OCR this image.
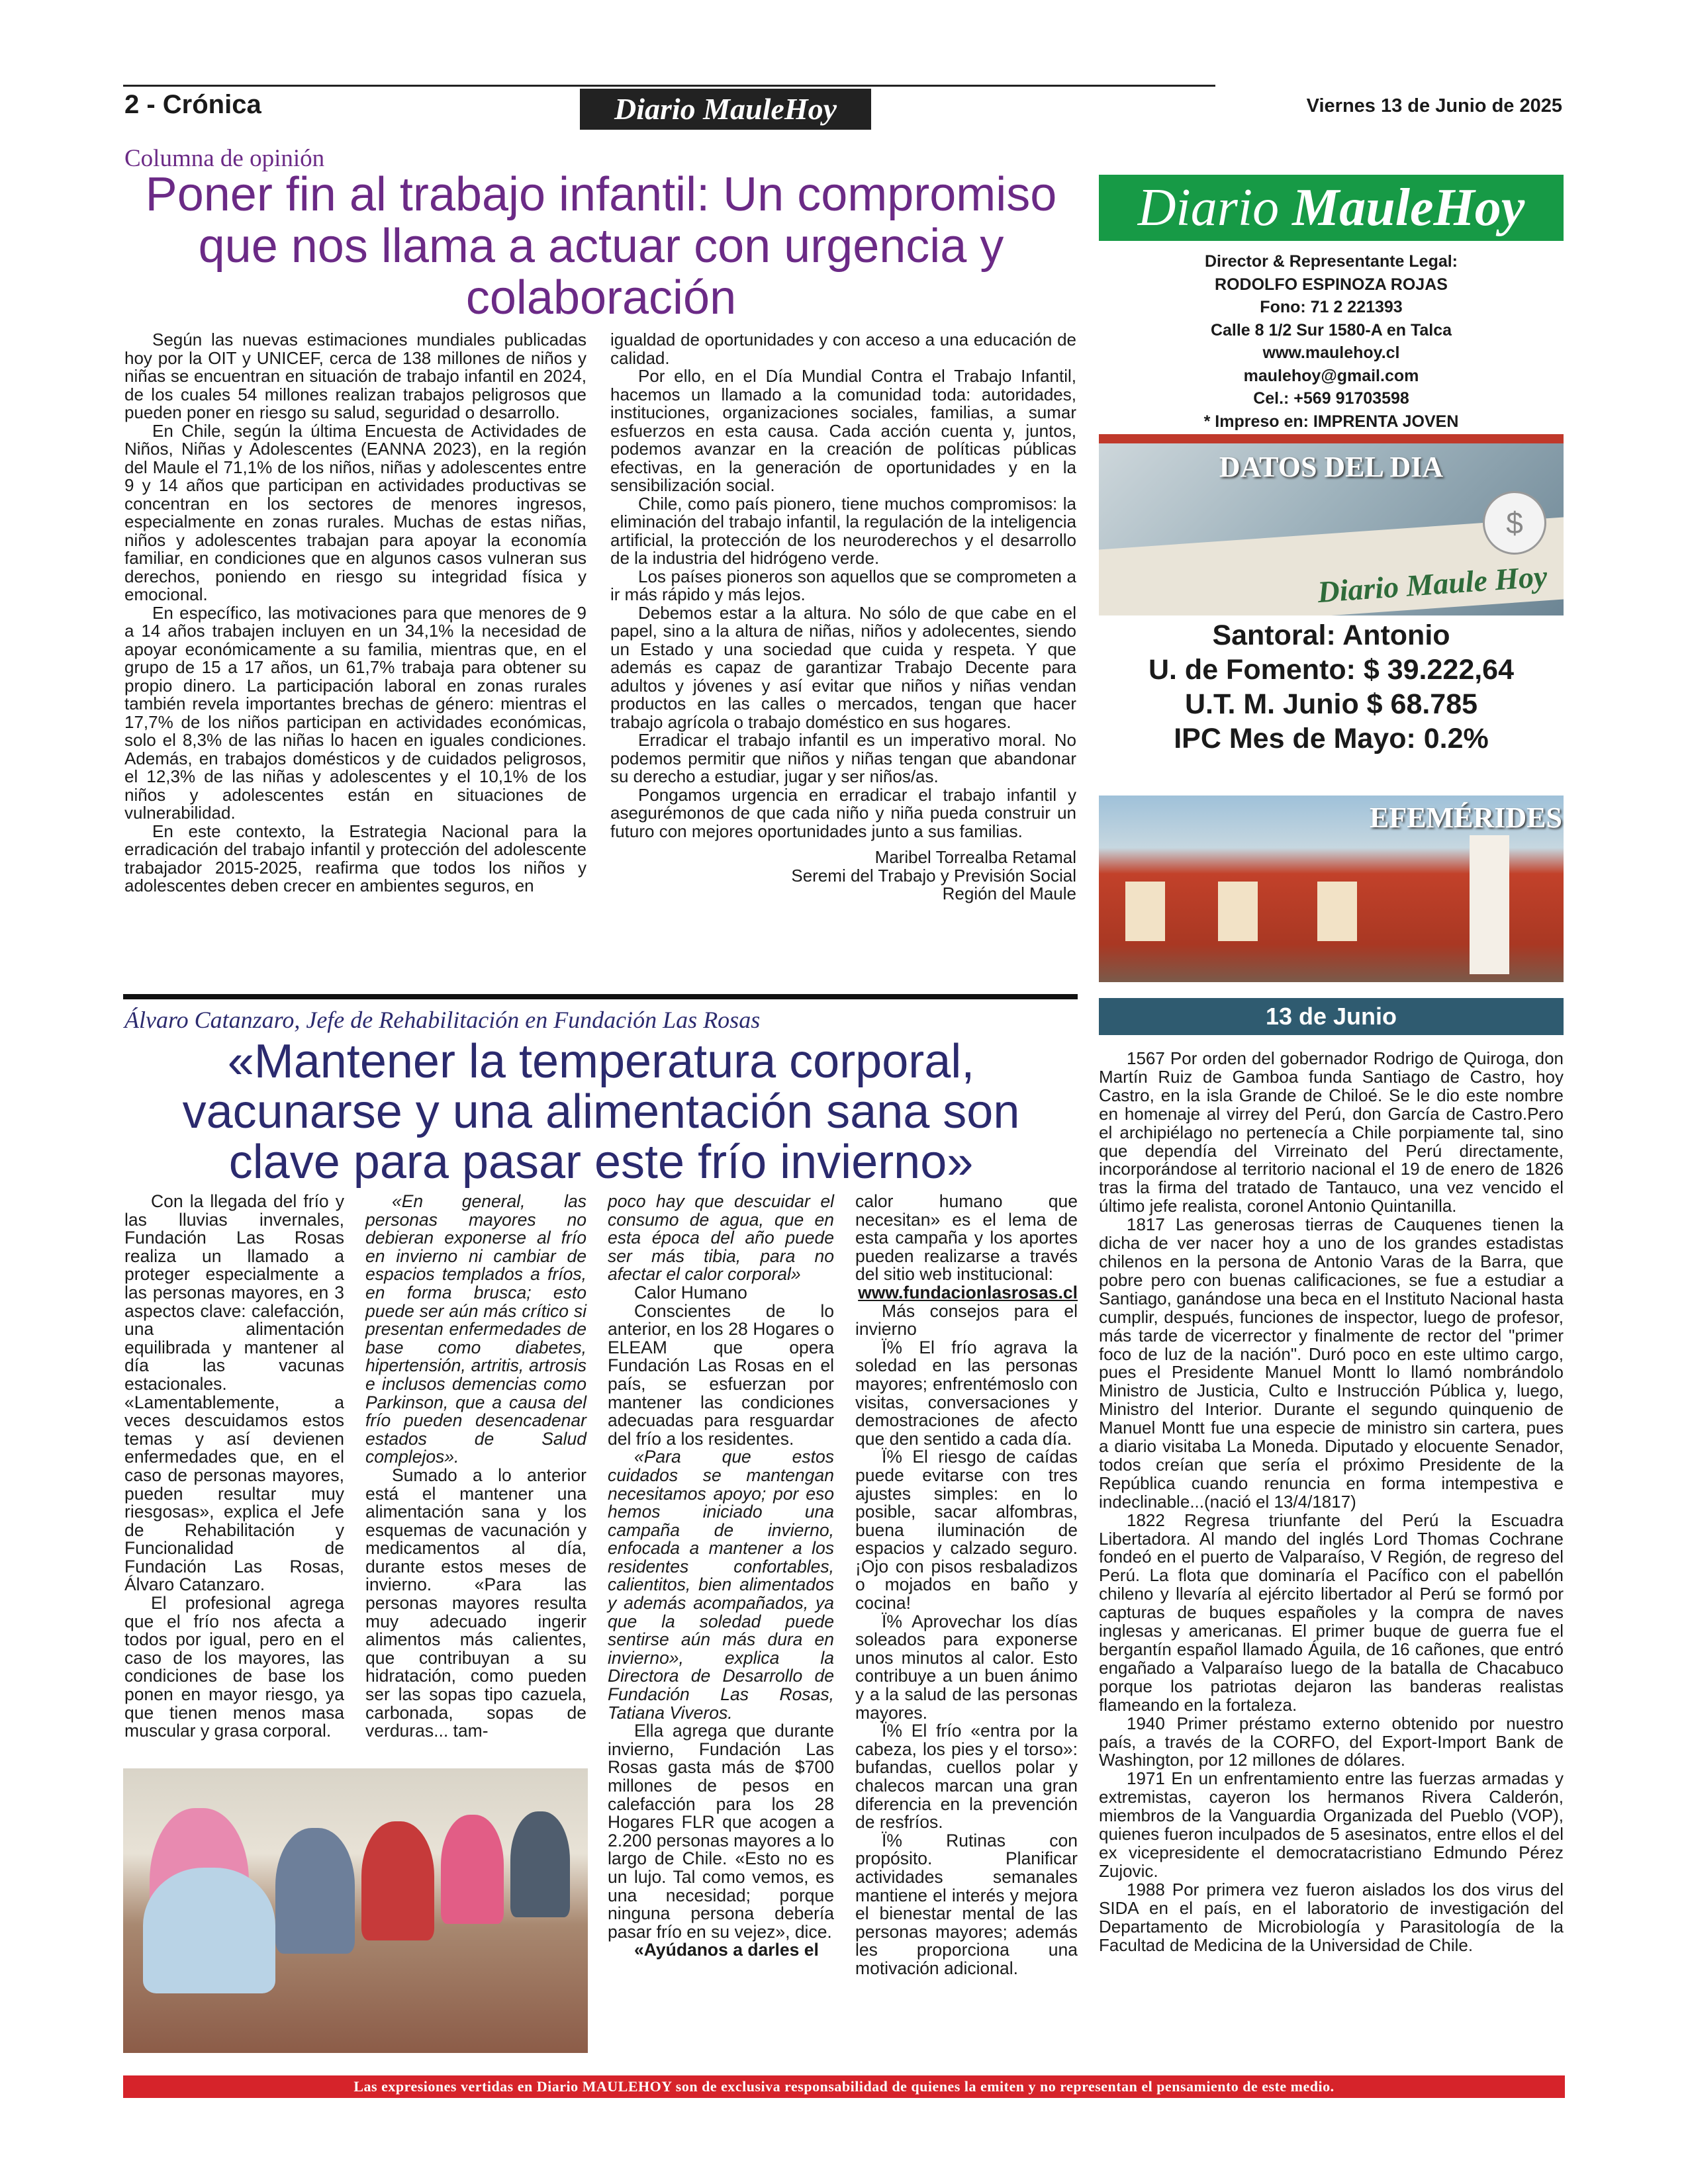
2 - Crónica	Diario MauleHoy	Viernes 13 de Junio de 2025
Columna de opinión
Poner fin al trabajo infantil: Un compromiso que nos llama a actuar con urgencia y colaboración

Según las nuevas estimaciones mundiales publicadas hoy por la OIT y UNICEF, cerca de 138 millones de niños y niñas se encuentran en situación de trabajo infantil en 2024, de los cuales 54 millones realizan trabajos peligrosos que pueden poner en riesgo su salud, seguridad o desarrollo.

En Chile, según la última Encuesta de Actividades de Niños, Niñas y Adolescentes (EANNA 2023), en la región del Maule el 71,1% de los niños, niñas y adolescentes entre 9 y 14 años que participan en actividades productivas se concentran en los sectores de menores ingresos, especialmente en zonas rurales. Muchas de estas niñas, niños y adolescentes trabajan para apoyar la economía familiar, en condiciones que en algunos casos vulneran sus derechos, poniendo en riesgo su integridad física y emocional.

En específico, las motivaciones para que menores de 9 a 14 años trabajen incluyen en un 34,1% la necesidad de apoyar económicamente a su familia, mientras que, en el grupo de 15 a 17 años, un 61,7% trabaja para obtener su propio dinero. La participación laboral en zonas rurales también revela importantes brechas de género: mientras el 17,7% de los niños participan en actividades económicas, solo el 8,3% de las niñas lo hacen en iguales condiciones. Además, en trabajos domésticos y de cuidados peligrosos, el 12,3% de las niñas y adolescentes y el 10,1% de los niños y adolescentes están en situaciones de vulnerabilidad.

En este contexto, la Estrategia Nacional para la erradicación del trabajo infantil y protección del adolescente trabajador 2015-2025, reafirma que todos los niños y adolescentes deben crecer en ambientes seguros, en

igualdad de oportunidades y con acceso a una educación de calidad.

Por ello, en el Día Mundial Contra el Trabajo Infantil, hacemos un llamado a la comunidad toda: autoridades, instituciones, organizaciones sociales, familias, a sumar esfuerzos en esta causa. Cada acción cuenta y, juntos, podemos avanzar en la creación de políticas públicas efectivas, en la generación de oportunidades y en la sensibilización social.

Chile, como país pionero, tiene muchos compromisos: la eliminación del trabajo infantil, la regulación de la inteligencia artificial, la protección de los neuroderechos y el desarrollo de la industria del hidrógeno verde.

Los países pioneros son aquellos que se comprometen a ir más rápido y más lejos.

Debemos estar a la altura. No sólo de que cabe en el papel, sino a la altura de niñas, niños y adolecentes, siendo un Estado y una sociedad que cuida y respeta. Y que además es capaz de garantizar Trabajo Decente para adultos y jóvenes y así evitar que niños y niñas vendan productos en las calles o mercados, tengan que hacer trabajo agrícola o trabajo doméstico en sus hogares.

Erradicar el trabajo infantil es un imperativo moral. No podemos permitir que niños y niñas tengan que abandonar su derecho a estudiar, jugar y ser niños/as.

Pongamos urgencia en erradicar el trabajo infantil y asegurémonos de que cada niño y niña pueda construir un futuro con mejores oportunidades junto a sus familias.

Maribel Torrealba Retamal

Seremi del Trabajo y Previsión Social

Región del Maule

Álvaro Catanzaro, Jefe de Rehabilitación en Fundación Las Rosas
«Mantener la temperatura corporal, vacunarse y una alimentación sana son clave para pasar este frío invierno»

Con la llegada del frío y las lluvias invernales, Fundación Las Rosas realiza un llamado a proteger especialmente a las personas mayores, en 3 aspectos clave: calefacción, una alimentación equilibrada y mantener al día las vacunas estacionales. «Lamentablemente, a veces descuidamos estos temas y así devienen enfermedades que, en el caso de personas mayores, pueden resultar muy riesgosas», explica el Jefe de Rehabilitación y Funcionalidad de Fundación Las Rosas, Álvaro Catanzaro.

El profesional agrega que el frío nos afecta a todos por igual, pero en el caso de los mayores, las condiciones de base los ponen en mayor riesgo, ya que tienen menos masa muscular y grasa corporal.

«En general, las personas mayores no debieran exponerse al frío en invierno ni cambiar de espacios templados a fríos, en forma brusca; esto puede ser aún más crítico si presentan enfermedades de base como diabetes, hipertensión, artritis, artrosis e inclusos demencias como Parkinson, que a causa del frío pueden desencadenar estados de Salud complejos».

Sumado a lo anterior está el mantener una alimentación sana y los esquemas de vacunación y medicamentos al día, durante estos meses de invierno. «Para las personas mayores resulta muy adecuado ingerir alimentos más calientes, que contribuyan a su hidratación, como pueden ser las sopas tipo cazuela, carbonada, sopas de verduras... tam-

poco hay que descuidar el consumo de agua, que en esta época del año puede ser más tibia, para no afectar el calor corporal»

Calor Humano

Conscientes de lo anterior, en los 28 Hogares o ELEAM que opera Fundación Las Rosas en el país, se esfuerzan por mantener las condiciones adecuadas para resguardar del frío a los residentes.

«Para que estos cuidados se mantengan necesitamos apoyo; por eso hemos iniciado una campaña de invierno, enfocada a mantener a los residentes confortables, calientitos, bien alimentados y además acompañados, ya que la soledad puede sentirse aún más dura en invierno», explica la Directora de Desarrollo de Fundación Las Rosas, Tatiana Viveros.

Ella agrega que durante invierno, Fundación Las Rosas gasta más de $700 millones de pesos en calefacción para los 28 Hogares FLR que acogen a 2.200 personas mayores a lo largo de Chile. «Esto no es un lujo. Tal como vemos, es una necesidad; porque ninguna persona debería pasar frío en su vejez», dice.

«Ayúdanos a darles el

calor humano que necesitan» es el lema de esta campaña y los aportes pueden realizarse a través del sitio web institucional:

www.fundacionlasrosas.cl

Más consejos para el invierno

Ï% El frío agrava la soledad en las personas mayores; enfrentémoslo con visitas, conversaciones y demostraciones de afecto que den sentido a cada día.

Ï% El riesgo de caídas puede evitarse con tres ajustes simples: en lo posible, sacar alfombras, buena iluminación de espacios y calzado seguro. ¡Ojo con pisos resbaladizos o mojados en baño y cocina!

Ï% Aprovechar los días soleados para exponerse unos minutos al calor. Esto contribuye a un buen ánimo y a la salud de las personas mayores.

Ï% El frío «entra por la cabeza, los pies y el torso»: bufandas, cuellos polar y chalecos marcan una gran diferencia en la prevención de resfríos.

Ï% Rutinas con propósito. Planificar actividades semanales mantiene el interés y mejora el bienestar mental de las personas mayores; además les proporciona una motivación adicional.

Diario MauleHoy
Director & Representante Legal:
RODOLFO ESPINOZA ROJAS
Fono: 71 2 221393
Calle 8 1/2 Sur 1580-A en Talca
www.maulehoy.cl
maulehoy@gmail.com
Cel.: +569 91703598
* Impreso en: IMPRENTA JOVEN
Diario Maule Hoy
$
DATOS DEL DIA
Santoral: Antonio
U. de Fomento: $ 39.222,64
U.T. M. Junio $ 68.785
IPC Mes de Mayo: 0.2%
EFEMÉRIDES
13 de Junio

1567 Por orden del gobernador Rodrigo de Quiroga, don Martín Ruiz de Gamboa funda Santiago de Castro, hoy Castro, en la isla Grande de Chiloé. Se le dio este nombre en homenaje al virrey del Perú, don García de Castro.Pero el archipiélago no pertenecía a Chile porpiamente tal, sino que dependía del Virreinato del Perú directamente, incorporándose al territorio nacional el 19 de enero de 1826 tras la firma del tratado de Tantauco, una vez vencido el último jefe realista, coronel Antonio Quintanilla.

1817 Las generosas tierras de Cauquenes tienen la dicha de ver nacer hoy a uno de los grandes estadistas chilenos en la persona de Antonio Varas de la Barra, que pobre pero con buenas calificaciones, se fue a estudiar a Santiago, ganándose una beca en el Instituto Nacional hasta cumplir, después, funciones de inspector, luego de profesor, más tarde de vicerrector y finalmente de rector del "primer foco de luz de la nación". Duró poco en este ultimo cargo, pues el Presidente Manuel Montt lo llamó nombrándolo Ministro de Justicia, Culto e Instrucción Pública y, luego, Ministro del Interior. Durante el segundo quinquenio de Manuel Montt fue una especie de ministro sin cartera, pues a diario visitaba La Moneda. Diputado y elocuente Senador, todos creían que sería el próximo Presidente de la República cuando renuncia en forma intempestiva e indeclinable...(nació el 13/4/1817)

1822 Regresa triunfante del Perú la Escuadra Libertadora. Al mando del inglés Lord Thomas Cochrane fondeó en el puerto de Valparaíso, V Región, de regreso del Perú. La flota que dominaría el Pacífico con el pabellón chileno y llevaría al ejército libertador al Perú se formó por capturas de buques españoles y la compra de naves inglesas y americanas. El primer buque de guerra fue el bergantín español llamado Águila, de 16 cañones, que entró engañado a Valparaíso luego de la batalla de Chacabuco porque los patriotas dejaron las banderas realistas flameando en la fortaleza.

1940 Primer préstamo externo obtenido por nuestro país, a través de la CORFO, del Export-Import Bank de Washington, por 12 millones de dólares.

1971 En un enfrentamiento entre las fuerzas armadas y extremistas, cayeron los hermanos Rivera Calderón, miembros de la Vanguardia Organizada del Pueblo (VOP), quienes fueron inculpados de 5 asesinatos, entre ellos el del ex vicepresidente el democratacristiano Edmundo Pérez Zujovic.

1988 Por primera vez fueron aislados los dos virus del SIDA en el país, en el laboratorio de investigación del Departamento de Microbiología y Parasitología de la Facultad de Medicina de la Universidad de Chile.

Las expresiones vertidas en Diario MAULEHOY son de exclusiva responsabilidad de quienes la emiten y no representan el pensamiento de este medio.
